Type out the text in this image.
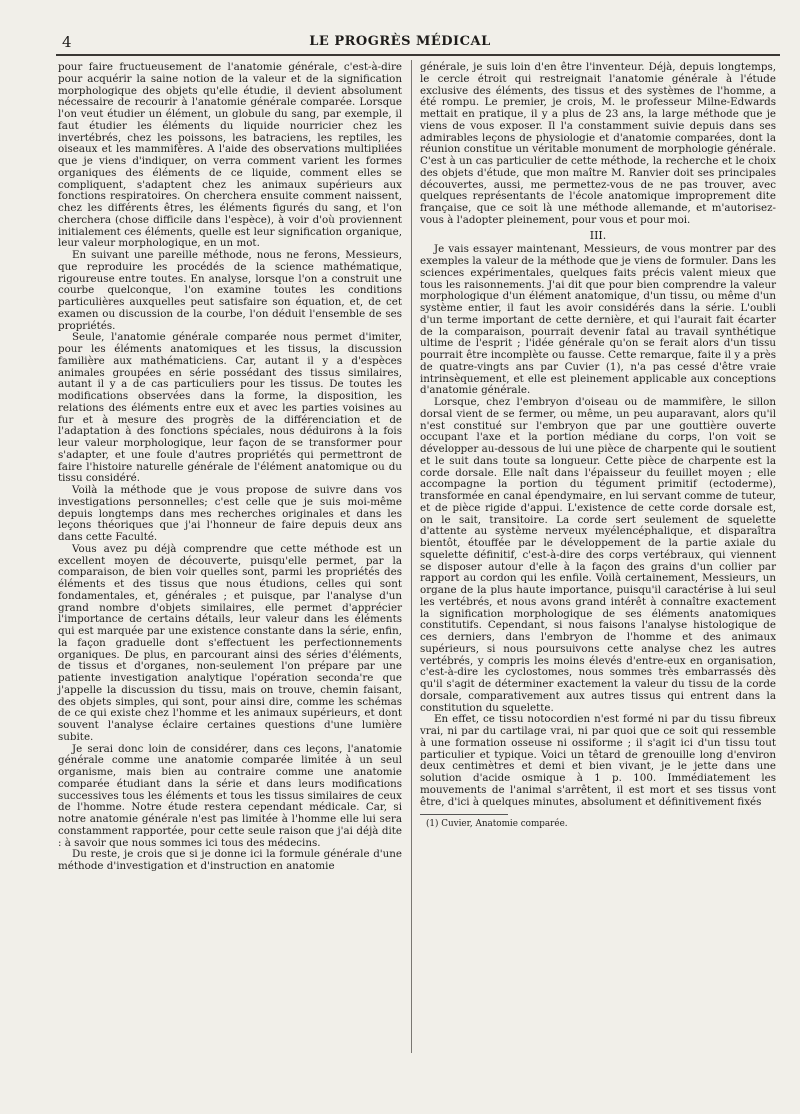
4	LE PROGRÈS MÉDICAL

pour faire fructueusement de l'anatomie générale, c'est-à-dire pour acquérir la saine notion de la valeur et de la signification morphologique des objets qu'elle étudie, il devient absolument nécessaire de recourir à l'anatomie générale comparée. Lorsque l'on veut étudier un élément, un globule du sang, par exemple, il faut étudier les éléments du liquide nourricier chez les invertébrés, chez les poissons, les batraciens, les reptiles, les oiseaux et les mammifères. A l'aide des observations multipliées que je viens d'indiquer, on verra comment varient les formes organiques des éléments de ce liquide, comment elles se compliquent, s'adaptent chez les animaux supérieurs aux fonctions respiratoires. On cherchera ensuite comment naissent, chez les différents êtres, les éléments figurés du sang, et l'on cherchera (chose difficile dans l'espèce), à voir d'où proviennent initialement ces éléments, quelle est leur signification organique, leur valeur morphologique, en un mot.

En suivant une pareille méthode, nous ne ferons, Messieurs, que reproduire les procédés de la science mathématique, rigoureuse entre toutes. En analyse, lorsque l'on a construit une courbe quelconque, l'on examine toutes les conditions particulières auxquelles peut satisfaire son équation, et, de cet examen ou discussion de la courbe, l'on déduit l'ensemble de ses propriétés.

Seule, l'anatomie générale comparée nous permet d'imiter, pour les éléments anatomiques et les tissus, la discussion familière aux mathématiciens. Car, autant il y a d'espèces animales groupées en série possédant des tissus similaires, autant il y a de cas particuliers pour les tissus. De toutes les modifications observées dans la forme, la disposition, les relations des éléments entre eux et avec les parties voisines au fur et à mesure des progrès de la différenciation et de l'adaptation à des fonctions spéciales, nous déduirons à la fois leur valeur morphologique, leur façon de se transformer pour s'adapter, et une foule d'autres propriétés qui permettront de faire l'histoire naturelle générale de l'élément anatomique ou du tissu considéré.

Voilà la méthode que je vous propose de suivre dans vos investigations personnelles; c'est celle que je suis moi-même depuis longtemps dans mes recherches originales et dans les leçons théoriques que j'ai l'honneur de faire depuis deux ans dans cette Faculté.

Vous avez pu déjà comprendre que cette méthode est un excellent moyen de découverte, puisqu'elle permet, par la comparaison, de bien voir quelles sont, parmi les propriétés des éléments et des tissus que nous étudions, celles qui sont fondamentales, et, générales ; et puisque, par l'analyse d'un grand nombre d'objets similaires, elle permet d'apprécier l'importance de certains détails, leur valeur dans les éléments qui est marquée par une existence constante dans la série, enfin, la façon graduelle dont s'effectuent les perfectionnements organiques. De plus, en parcourant ainsi des séries d'éléments, de tissus et d'organes, non-seulement l'on prépare par une patiente investigation analytique l'opération seconda're que j'appelle la discussion du tissu, mais on trouve, chemin faisant, des objets simples, qui sont, pour ainsi dire, comme les schémas de ce qui existe chez l'homme et les animaux supérieurs, et dont souvent l'analyse éclaire certaines questions d'une lumière subite.

Je serai donc loin de considérer, dans ces leçons, l'anatomie générale comme une anatomie comparée limitée à un seul organisme, mais bien au contraire comme une anatomie comparée étudiant dans la série et dans leurs modifications successives tous les éléments et tous les tissus similaires de ceux de l'homme. Notre étude restera cependant médicale. Car, si notre anatomie générale n'est pas limitée à l'homme elle lui sera constamment rapportée, pour cette seule raison que j'ai déjà dite : à savoir que nous sommes ici tous des médecins.

Du reste, je crois que si je donne ici la formule générale d'une méthode d'investigation et d'instruction en anatomie

générale, je suis loin d'en être l'inventeur. Déjà, depuis longtemps, le cercle étroit qui restreignait l'anatomie générale à l'étude exclusive des éléments, des tissus et des systèmes de l'homme, a été rompu. Le premier, je crois, M. le professeur Milne-Edwards mettait en pratique, il y a plus de 23 ans, la large méthode que je viens de vous exposer. Il l'a constamment suivie depuis dans ses admirables leçons de physiologie et d'anatomie comparées, dont la réunion constitue un véritable monument de morphologie générale. C'est à un cas particulier de cette méthode, la recherche et le choix des objets d'étude, que mon maître M. Ranvier doit ses principales découvertes, aussi, me permettez-vous de ne pas trouver, avec quelques représentants de l'école anatomique improprement dite française, que ce soit là une méthode allemande, et m'autorisez-vous à l'adopter pleinement, pour vous et pour moi.

III.

Je vais essayer maintenant, Messieurs, de vous montrer par des exemples la valeur de la méthode que je viens de formuler. Dans les sciences expérimentales, quelques faits précis valent mieux que tous les raisonnements. J'ai dit que pour bien comprendre la valeur morphologique d'un élément anatomique, d'un tissu, ou même d'un système entier, il faut les avoir considérés dans la série. L'oubli d'un terme important de cette dernière, et qui l'aurait fait écarter de la comparaison, pourrait devenir fatal au travail synthétique ultime de l'esprit ; l'idée générale qu'on se ferait alors d'un tissu pourrait être incomplète ou fausse. Cette remarque, faite il y a près de quatre-vingts ans par Cuvier (1), n'a pas cessé d'être vraie intrinsèquement, et elle est pleinement applicable aux conceptions d'anatomie générale.

Lorsque, chez l'embryon d'oiseau ou de mammifère, le sillon dorsal vient de se fermer, ou même, un peu auparavant, alors qu'il n'est constitué sur l'embryon que par une gouttière ouverte occupant l'axe et la portion médiane du corps, l'on voit se développer au-dessous de lui une pièce de charpente qui le soutient et le suit dans toute sa longueur. Cette pièce de charpente est la corde dorsale. Elle naît dans l'épaisseur du feuillet moyen ; elle accompagne la portion du tégument primitif (ectoderme), transformée en canal épendymaire, en lui servant comme de tuteur, et de pièce rigide d'appui. L'existence de cette corde dorsale est, on le sait, transitoire. La corde sert seulement de squelette d'attente au système nerveux myélencéphalique, et disparaîtra bientôt, étouffée par le développement de la partie axiale du squelette définitif, c'est-à-dire des corps vertébraux, qui viennent se disposer autour d'elle à la façon des grains d'un collier par rapport au cordon qui les enfile. Voilà certainement, Messieurs, un organe de la plus haute importance, puisqu'il caractérise à lui seul les vertébrés, et nous avons grand intérêt à connaître exactement la signification morphologique de ses éléments anatomiques constitutifs. Cependant, si nous faisons l'analyse histologique de ces derniers, dans l'embryon de l'homme et des animaux supérieurs, si nous poursuivons cette analyse chez les autres vertébrés, y compris les moins élevés d'entre-eux en organisation, c'est-à-dire les cyclostomes, nous sommes très embarrassés dès qu'il s'agit de déterminer exactement la valeur du tissu de la corde dorsale, comparativement aux autres tissus qui entrent dans la constitution du squelette.

En effet, ce tissu notocordien n'est formé ni par du tissu fibreux vrai, ni par du cartilage vrai, ni par quoi que ce soit qui ressemble à une formation osseuse ni ossiforme ; il s'agit ici d'un tissu tout particulier et typique. Voici un têtard de grenouille long d'environ deux centimètres et demi et bien vivant, je le jette dans une solution d'acide osmique à 1 p. 100. Immédiatement les mouvements de l'animal s'arrêtent, il est mort et ses tissus vont être, d'ici à quelques minutes, absolument et définitivement fixés

(1) Cuvier, Anatomie comparée.
